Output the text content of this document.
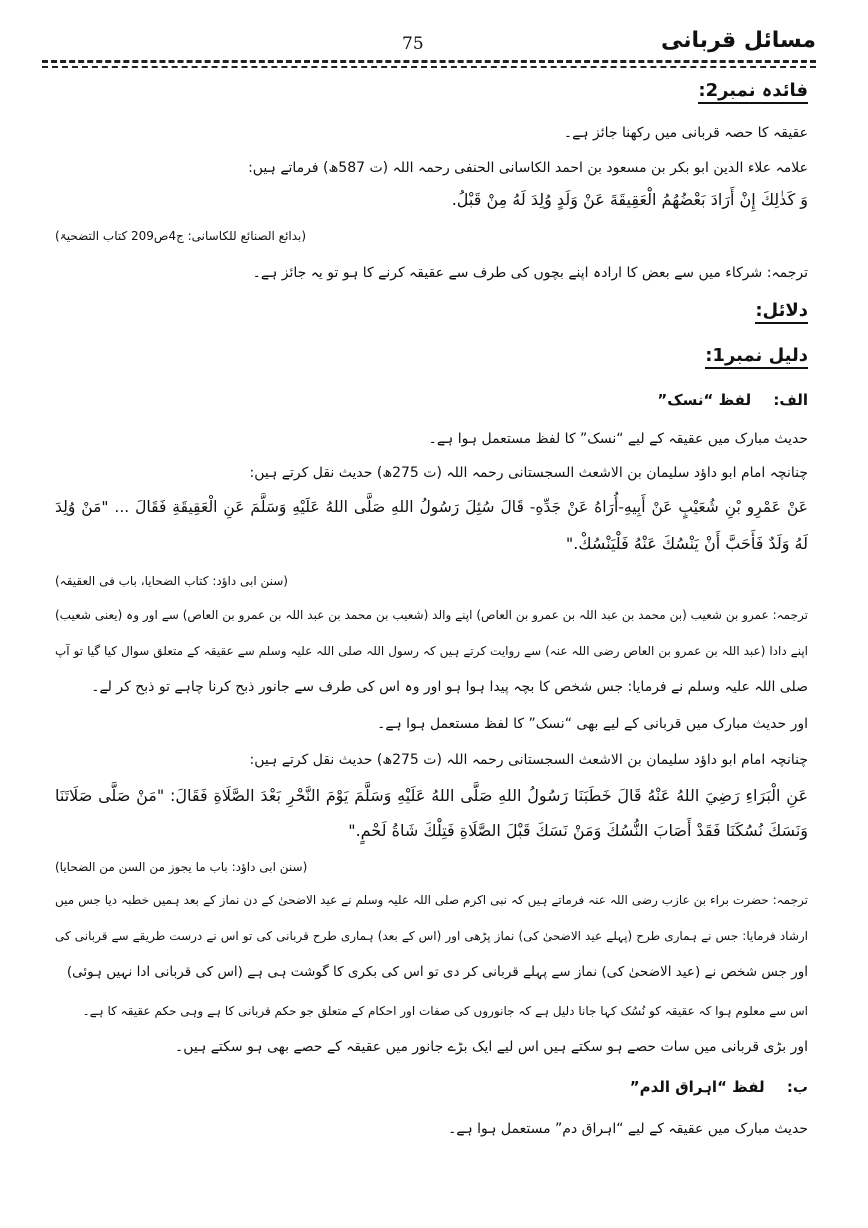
مسائل قربانی
75
فائدہ نمبر2:
عقیقہ کا حصہ قربانی میں رکھنا جائز ہے۔
علامہ علاء الدین ابو بکر بن مسعود بن احمد الکاسانی الحنفی رحمہ اللہ (ت 587ھ) فرماتے ہیں:
وَ كَذٰلِكَ إِنْ أَرَادَ بَعْضُهُمُ الْعَقِيقَةَ عَنْ وَلَدٍ وُلِدَ لَهُ مِنْ قَبْلُ.
(بدائع الصنائع للکاسانی: ج4ص209 کتاب التضحیۃ)
ترجمہ: شرکاء میں سے بعض کا ارادہ اپنے بچوں کی طرف سے عقیقہ کرنے کا ہو تو یہ جائز ہے۔
دلائل:
دلیل نمبر1:
الف:     لفظ “نسک”
حدیث مبارک میں عقیقہ کے لیے “نسک” کا لفظ مستعمل ہوا ہے۔
چنانچہ امام ابو داؤد سلیمان بن الاشعث السجستانی رحمہ اللہ (ت 275ھ) حدیث نقل کرتے ہیں:
عَنْ عَمْرِو بْنِ شُعَيْبٍ عَنْ أَبِيهِ-أُرَاهُ عَنْ جَدِّهِ- قَالَ سُئِلَ رَسُولُ اللهِ صَلَّى اللهُ عَلَيْهِ وَسَلَّمَ عَنِ الْعَقِيقَةِ فَقَالَ ... "مَنْ وُلِدَ
لَهُ وَلَدٌ فَأَحَبَّ أَنْ يَنْسُكَ عَنْهُ فَلْيَنْسُكْ."
(سنن ابی داؤد: کتاب الضحایا، باب فی العقیقہ)
ترجمہ: عمرو بن شعیب (بن محمد بن عبد اللہ بن عمرو بن العاص) اپنے والد (شعیب بن محمد بن عبد اللہ بن عمرو بن العاص) سے اور وہ (یعنی شعیب)
اپنے دادا (عبد اللہ بن عمرو بن العاص رضی اللہ عنہ) سے روایت کرتے ہیں کہ رسول اللہ صلی اللہ علیہ وسلم سے عقیقہ کے متعلق سوال کیا گیا تو آپ
صلی اللہ علیہ وسلم نے فرمایا: جس شخص کا بچہ پیدا ہوا ہو اور وہ اس کی طرف سے جانور ذبح کرنا چاہے تو ذبح کر لے۔
اور حدیث مبارک میں قربانی کے لیے بھی “نسک” کا لفظ مستعمل ہوا ہے۔
چنانچہ امام ابو داؤد سلیمان بن الاشعث السجستانی رحمہ اللہ (ت 275ھ) حدیث نقل کرتے ہیں:
عَنِ الْبَرَاءِ رَضِيَ اللهُ عَنْهُ قَالَ خَطَبَنَا رَسُولُ اللهِ صَلَّى اللهُ عَلَيْهِ وَسَلَّمَ يَوْمَ النَّحْرِ بَعْدَ الصَّلَاةِ فَقَالَ: "مَنْ صَلَّى صَلَاتَنَا
وَنَسَكَ نُسُكَنَا فَقَدْ أَصَابَ النُّسُكَ وَمَنْ نَسَكَ قَبْلَ الصَّلَاةِ فَتِلْكَ شَاةُ لَحْمٍ."
(سنن ابی داؤد: باب ما یجوز من السن من الضحایا)
ترجمہ: حضرت براء بن عازب رضی اللہ عنہ فرماتے ہیں کہ نبی اکرم صلی اللہ علیہ وسلم نے عید الاضحیٰ کے دن نماز کے بعد ہمیں خطبہ دیا جس میں
ارشاد فرمایا: جس نے ہماری طرح (پہلے عید الاضحیٰ کی) نماز پڑھی اور (اس کے بعد) ہماری طرح قربانی کی تو اس نے درست طریقے سے قربانی کی
اور جس شخص نے (عید الاضحیٰ کی) نماز سے پہلے قربانی کر دی تو اس کی بکری کا گوشت ہی ہے (اس کی قربانی ادا نہیں ہوئی)
اس سے معلوم ہوا کہ عقیقہ کو نُسُک کہا جانا دلیل ہے کہ جانوروں کی صفات اور احکام کے متعلق جو حکم قربانی کا ہے وہی حکم عقیقہ کا ہے۔
اور بڑی قربانی میں سات حصے ہو سکتے ہیں اس لیے ایک بڑے جانور میں عقیقہ کے حصے بھی ہو سکتے ہیں۔
ب:     لفظ “اہراق الدم”
حدیث مبارک میں عقیقہ کے لیے “اہراق دم” مستعمل ہوا ہے۔
